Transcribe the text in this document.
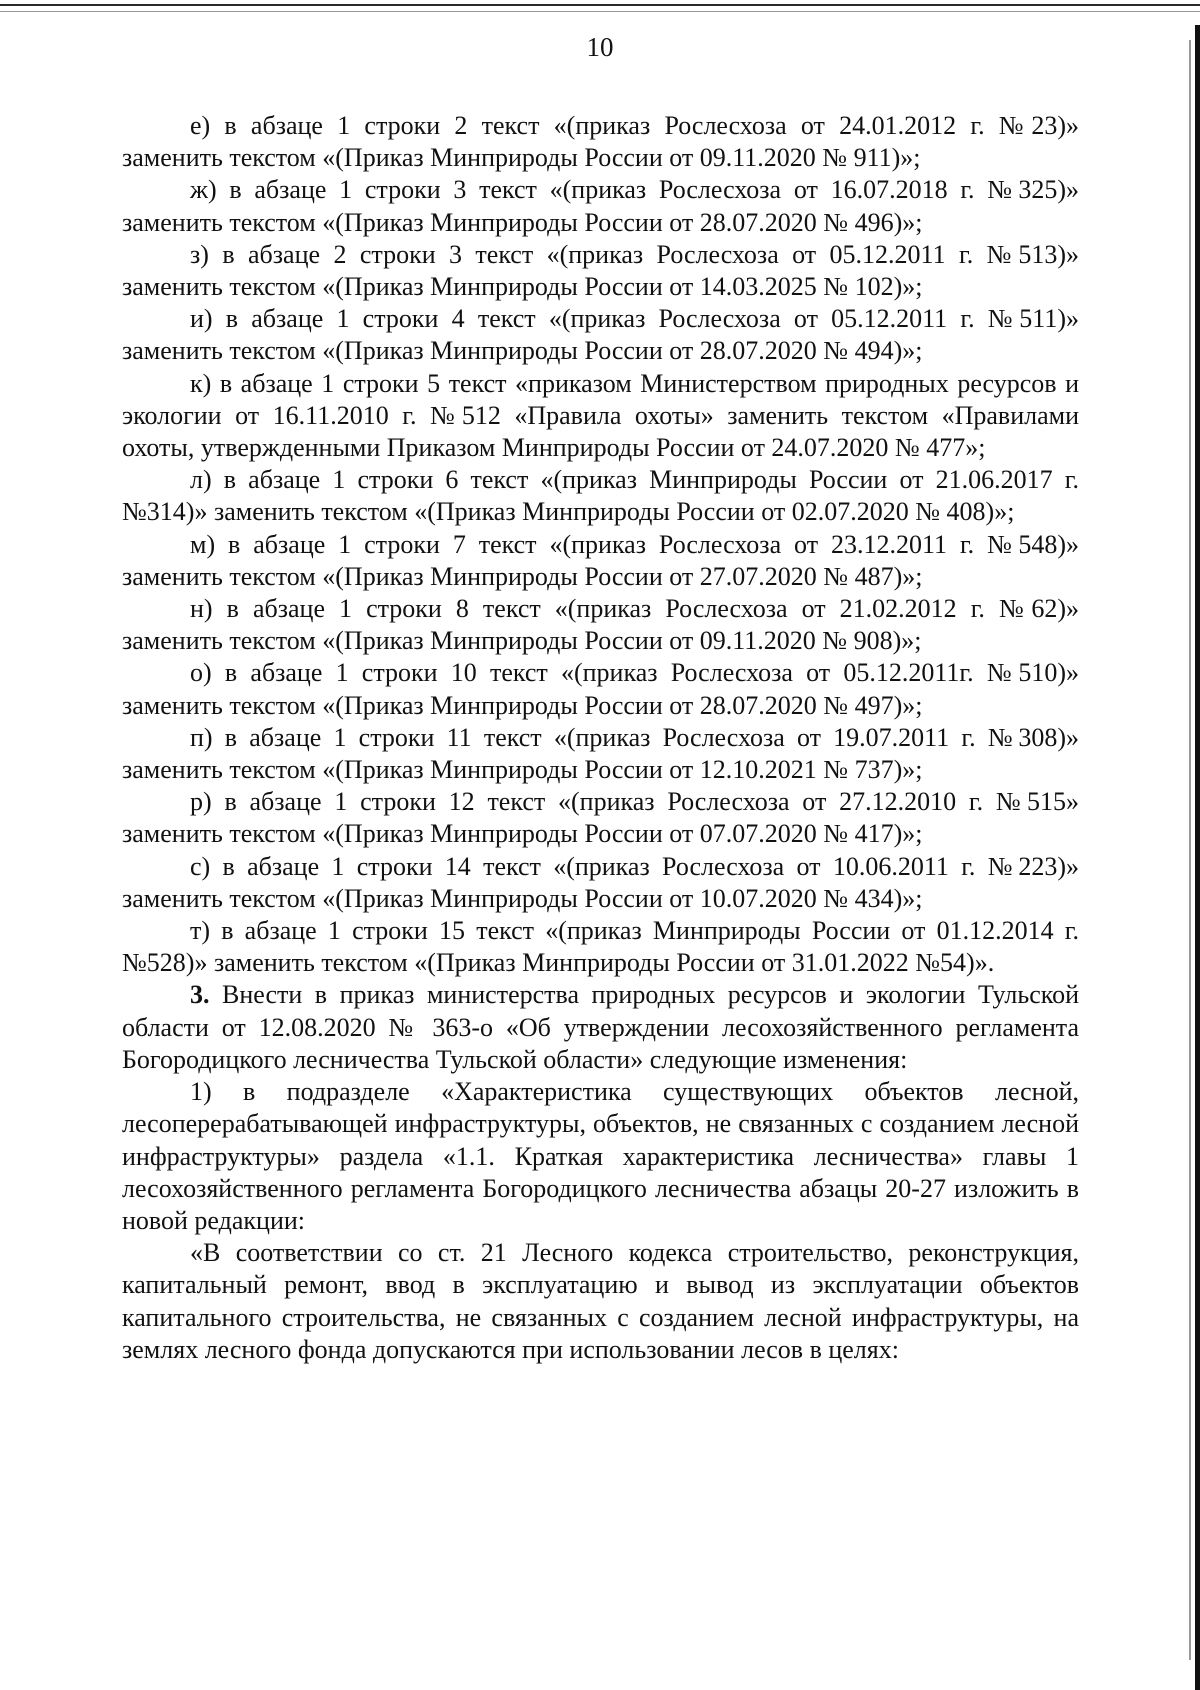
10

е) в абзаце 1 строки 2 текст «(приказ Рослесхоза от 24.01.2012 г. №23)» заменить текстом «(Приказ Минприроды России от 09.11.2020 № 911)»;

ж) в абзаце 1 строки 3 текст «(приказ Рослесхоза от 16.07.2018 г. №325)» заменить текстом «(Приказ Минприроды России от 28.07.2020 № 496)»;

з) в абзаце 2 строки 3 текст «(приказ Рослесхоза от 05.12.2011 г. №513)» заменить текстом «(Приказ Минприроды России от 14.03.2025 № 102)»;

и) в абзаце 1 строки 4 текст «(приказ Рослесхоза от 05.12.2011 г. №511)» заменить текстом «(Приказ Минприроды России от 28.07.2020 № 494)»;

к) в абзаце 1 строки 5 текст «приказом Министерством природных ресурсов и экологии от 16.11.2010 г. №512 «Правила охоты» заменить текстом «Правилами охоты, утвержденными Приказом Минприроды России от 24.07.2020 № 477»;

л) в абзаце 1 строки 6 текст «(приказ Минприроды России от 21.06.2017 г. №314)» заменить текстом «(Приказ Минприроды России от 02.07.2020 № 408)»;

м) в абзаце 1 строки 7 текст «(приказ Рослесхоза от 23.12.2011 г. №548)» заменить текстом «(Приказ Минприроды России от 27.07.2020 № 487)»;

н) в абзаце 1 строки 8 текст «(приказ Рослесхоза от 21.02.2012 г. №62)» заменить текстом «(Приказ Минприроды России от 09.11.2020 № 908)»;

о) в абзаце 1 строки 10 текст «(приказ Рослесхоза от 05.12.2011г. №510)» заменить текстом «(Приказ Минприроды России от 28.07.2020 № 497)»;

п) в абзаце 1 строки 11 текст «(приказ Рослесхоза от 19.07.2011 г. №308)» заменить текстом «(Приказ Минприроды России от 12.10.2021 № 737)»;

р) в абзаце 1 строки 12 текст «(приказ Рослесхоза от 27.12.2010 г. №515» заменить текстом «(Приказ Минприроды России от 07.07.2020 № 417)»;

с) в абзаце 1 строки 14 текст «(приказ Рослесхоза от 10.06.2011 г. №223)» заменить текстом «(Приказ Минприроды России от 10.07.2020 № 434)»;

т) в абзаце 1 строки 15 текст «(приказ Минприроды России от 01.12.2014 г. №528)» заменить текстом «(Приказ Минприроды России от 31.01.2022 №54)».

3. Внести в приказ министерства природных ресурсов и экологии Тульской области от 12.08.2020 № 363-о «Об утверждении лесохозяйственного регламента Богородицкого лесничества Тульской области» следующие изменения:

1) в подразделе «Характеристика существующих объектов лесной, лесоперерабатывающей инфраструктуры, объектов, не связанных с созданием лесной инфраструктуры» раздела «1.1. Краткая характеристика лесничества» главы 1 лесохозяйственного регламента Богородицкого лесничества абзацы 20-27 изложить в новой редакции:

«В соответствии со ст. 21 Лесного кодекса строительство, реконструкция, капитальный ремонт, ввод в эксплуатацию и вывод из эксплуатации объектов капитального строительства, не связанных с созданием лесной инфраструктуры, на землях лесного фонда допускаются при использовании лесов в целях:
